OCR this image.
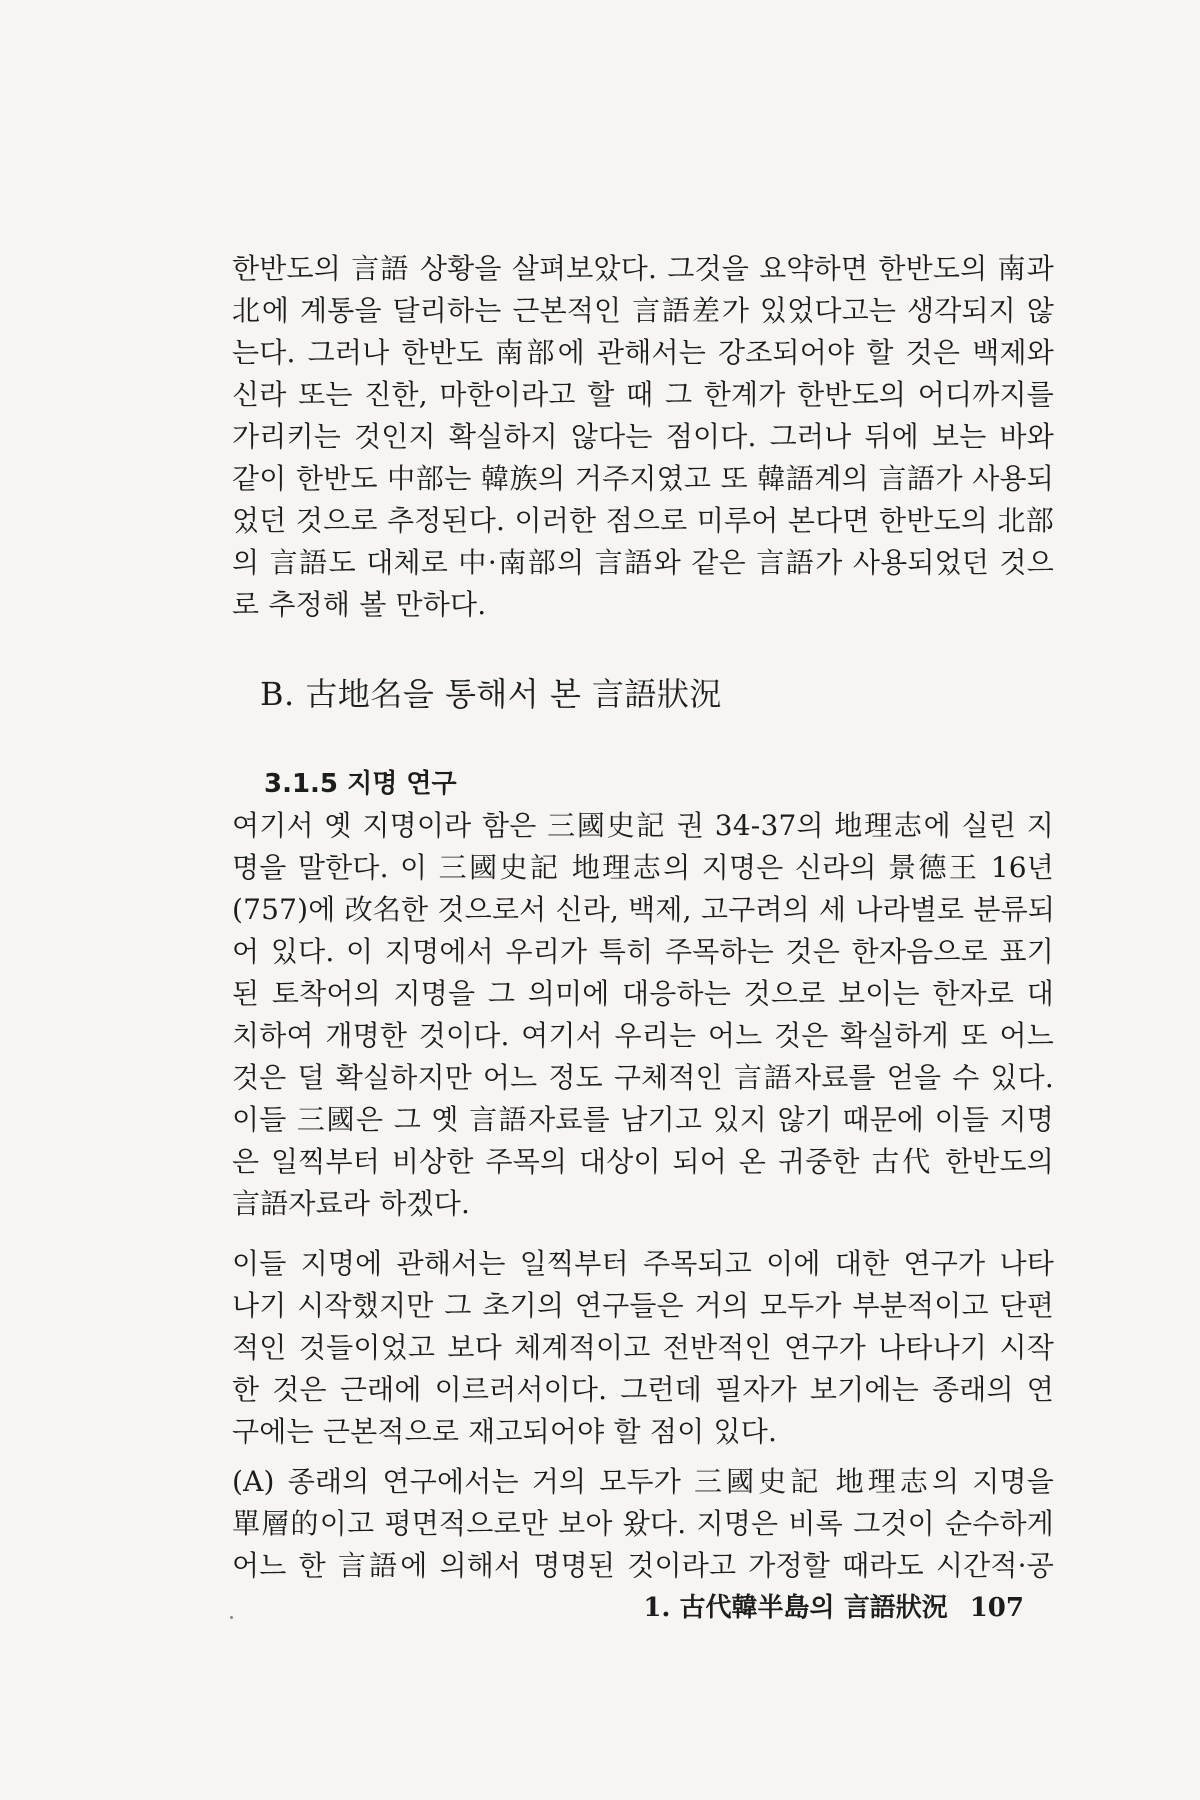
한반도의 言語 상황을 살펴보았다. 그것을 요약하면 한반도의 南과
北에 계통을 달리하는 근본적인 言語差가 있었다고는 생각되지 않
는다. 그러나 한반도 南部에 관해서는 강조되어야 할 것은 백제와
신라 또는 진한, 마한이라고 할 때 그 한계가 한반도의 어디까지를
가리키는 것인지 확실하지 않다는 점이다. 그러나 뒤에 보는 바와
같이 한반도 中部는 韓族의 거주지였고 또 韓語계의 言語가 사용되
었던 것으로 추정된다. 이러한 점으로 미루어 본다면 한반도의 北部
의 言語도 대체로 中·南部의 言語와 같은 言語가 사용되었던 것으
로 추정해 볼 만하다.
B. 古地名을 통해서 본 言語狀況
3.1.5 지명 연구
여기서 옛 지명이라 함은 三國史記 권 34-37의 地理志에 실린 지
명을 말한다. 이 三國史記 地理志의 지명은 신라의 景德王 16년
(757)에 改名한 것으로서 신라, 백제, 고구려의 세 나라별로 분류되
어 있다. 이 지명에서 우리가 특히 주목하는 것은 한자음으로 표기
된 토착어의 지명을 그 의미에 대응하는 것으로 보이는 한자로 대
치하여 개명한 것이다. 여기서 우리는 어느 것은 확실하게 또 어느
것은 덜 확실하지만 어느 정도 구체적인 言語자료를 얻을 수 있다.
이들 三國은 그 옛 言語자료를 남기고 있지 않기 때문에 이들 지명
은 일찍부터 비상한 주목의 대상이 되어 온 귀중한 古代 한반도의
言語자료라 하겠다.
이들 지명에 관해서는 일찍부터 주목되고 이에 대한 연구가 나타
나기 시작했지만 그 초기의 연구들은 거의 모두가 부분적이고 단편
적인 것들이었고 보다 체계적이고 전반적인 연구가 나타나기 시작
한 것은 근래에 이르러서이다. 그런데 필자가 보기에는 종래의 연
구에는 근본적으로 재고되어야 할 점이 있다.
(A) 종래의 연구에서는 거의 모두가 三國史記 地理志의 지명을
單層的이고 평면적으로만 보아 왔다. 지명은 비록 그것이 순수하게
어느 한 言語에 의해서 명명된 것이라고 가정할 때라도 시간적·공
1. 古代韓半島의 言語狀況 107
